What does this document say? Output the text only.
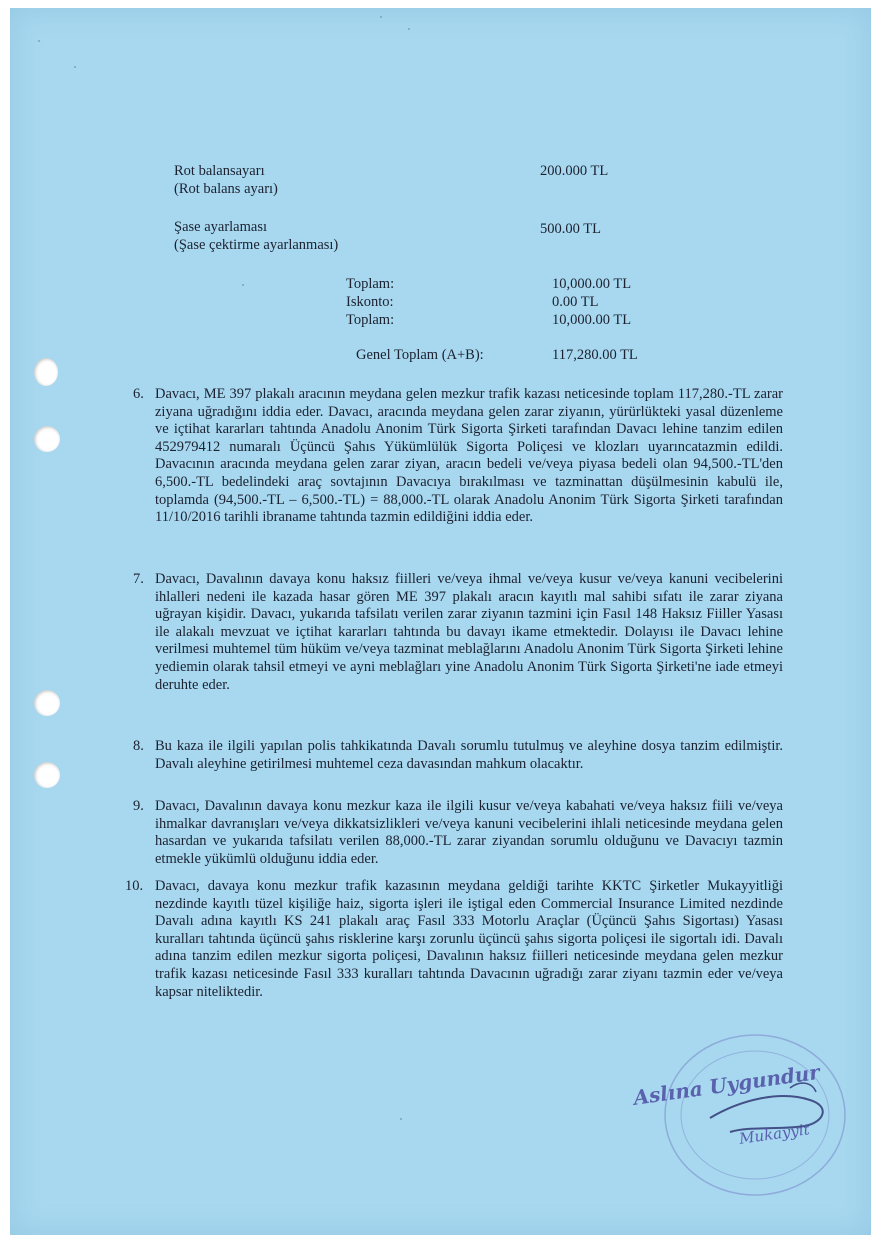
Rot balansayarı	200.000 TL
(Rot balans ayarı)
Şase ayarlaması	500.00 TL
(Şase çektirme ayarlanması)
Toplam:	10,000.00 TL
Iskonto:	0.00 TL
Toplam:	10,000.00 TL
Genel Toplam (A+B):	117,280.00 TL
6. Davacı, ME 397 plakalı aracının meydana gelen mezkur trafik kazası neticesinde toplam 117,280.-TL zarar ziyana uğradığını iddia eder. Davacı, aracında meydana gelen zarar ziyanın, yürürlükteki yasal düzenleme ve içtihat kararları tahtında Anadolu Anonim Türk Sigorta Şirketi tarafından Davacı lehine tanzim edilen 452979412 numaralı Üçüncü Şahıs Yükümlülük Sigorta Poliçesi ve klozları uyarıncatazmin edildi. Davacının aracında meydana gelen zarar ziyan, aracın bedeli ve/veya piyasa bedeli olan 94,500.-TL'den 6,500.-TL bedelindeki araç sovtajının Davacıya bırakılması ve tazminattan düşülmesinin kabulü ile, toplamda (94,500.-TL – 6,500.-TL) = 88,000.-TL olarak Anadolu Anonim Türk Sigorta Şirketi tarafından 11/10/2016 tarihli ibraname tahtında tazmin edildiğini iddia eder.
7. Davacı, Davalının davaya konu haksız fiilleri ve/veya ihmal ve/veya kusur ve/veya kanuni vecibelerini ihlalleri nedeni ile kazada hasar gören ME 397 plakalı aracın kayıtlı mal sahibi sıfatı ile zarar ziyana uğrayan kişidir. Davacı, yukarıda tafsilatı verilen zarar ziyanın tazmini için Fasıl 148 Haksız Fiiller Yasası ile alakalı mevzuat ve içtihat kararları tahtında bu davayı ikame etmektedir. Dolayısı ile Davacı lehine verilmesi muhtemel tüm hüküm ve/veya tazminat meblağlarını Anadolu Anonim Türk Sigorta Şirketi lehine yediemin olarak tahsil etmeyi ve ayni meblağları yine Anadolu Anonim Türk Sigorta Şirketi'ne iade etmeyi deruhte eder.
8. Bu kaza ile ilgili yapılan polis tahkikatında Davalı sorumlu tutulmuş ve aleyhine dosya tanzim edilmiştir. Davalı aleyhine getirilmesi muhtemel ceza davasından mahkum olacaktır.
9. Davacı, Davalının davaya konu mezkur kaza ile ilgili kusur ve/veya kabahati ve/veya haksız fiili ve/veya ihmalkar davranışları ve/veya dikkatsizlikleri ve/veya kanuni vecibelerini ihlali neticesinde meydana gelen hasardan ve yukarıda tafsilatı verilen 88,000.-TL zarar ziyandan sorumlu olduğunu ve Davacıyı tazmin etmekle yükümlü olduğunu iddia eder.
10. Davacı, davaya konu mezkur trafik kazasının meydana geldiği tarihte KKTC Şirketler Mukayyitliği nezdinde kayıtlı tüzel kişiliğe haiz, sigorta işleri ile iştigal eden Commercial Insurance Limited nezdinde Davalı adına kayıtlı KS 241 plakalı araç Fasıl 333 Motorlu Araçlar (Üçüncü Şahıs Sigortası) Yasası kuralları tahtında üçüncü şahıs risklerine karşı zorunlu üçüncü şahıs sigorta poliçesi ile sigortalı idi. Davalı adına tanzim edilen mezkur sigorta poliçesi, Davalının haksız fiilleri neticesinde meydana gelen mezkur trafik kazası neticesinde Fasıl 333 kuralları tahtında Davacının uğradığı zarar ziyanı tazmin eder ve/veya kapsar niteliktedir.
Aslına Uygundur
Mukayyit
